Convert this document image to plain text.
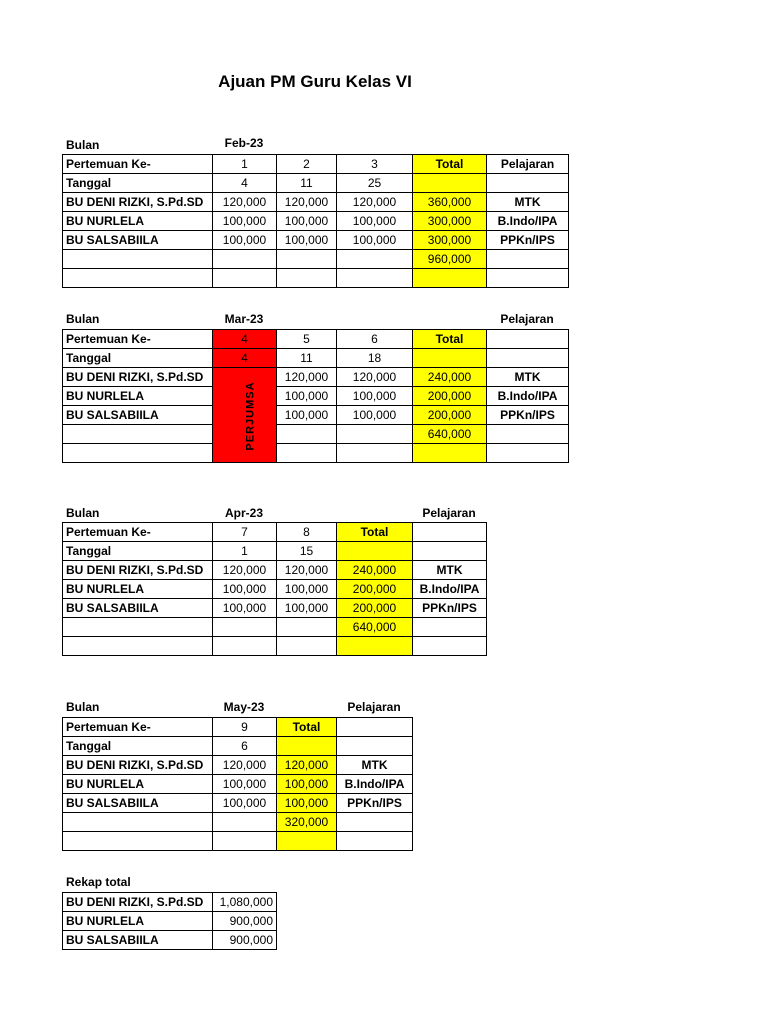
Ajuan PM Guru Kelas VI
Bulan	Feb-23
Pertemuan Ke-	1	2	3	Total	Pelajaran
Tanggal	4	11	25		
BU DENI RIZKI, S.Pd.SD	120,000	120,000	120,000	360,000	MTK
BU NURLELA	100,000	100,000	100,000	300,000	B.Indo/IPA
BU SALSABIILA	100,000	100,000	100,000	300,000	PPKn/IPS
				960,000	

Bulan	Mar-23	Pelajaran
Pertemuan Ke-	4	5	6	Total	
Tanggal	4	11	18		
BU DENI RIZKI, S.Pd.SD	PERJUMSA	120,000	120,000	240,000	MTK
BU NURLELA		100,000	100,000	200,000	B.Indo/IPA
BU SALSABIILA		100,000	100,000	200,000	PPKn/IPS
				640,000	

Bulan	Apr-23	Pelajaran
Pertemuan Ke-	7	8	Total	
Tanggal	1	15		
BU DENI RIZKI, S.Pd.SD	120,000	120,000	240,000	MTK
BU NURLELA	100,000	100,000	200,000	B.Indo/IPA
BU SALSABIILA	100,000	100,000	200,000	PPKn/IPS
			640,000	

Bulan	May-23	Pelajaran
Pertemuan Ke-	9	Total	
Tanggal	6		
BU DENI RIZKI, S.Pd.SD	120,000	120,000	MTK
BU NURLELA	100,000	100,000	B.Indo/IPA
BU SALSABIILA	100,000	100,000	PPKn/IPS
		320,000	

Rekap total
BU DENI RIZKI, S.Pd.SD	1,080,000
BU NURLELA	900,000
BU SALSABIILA	900,000
